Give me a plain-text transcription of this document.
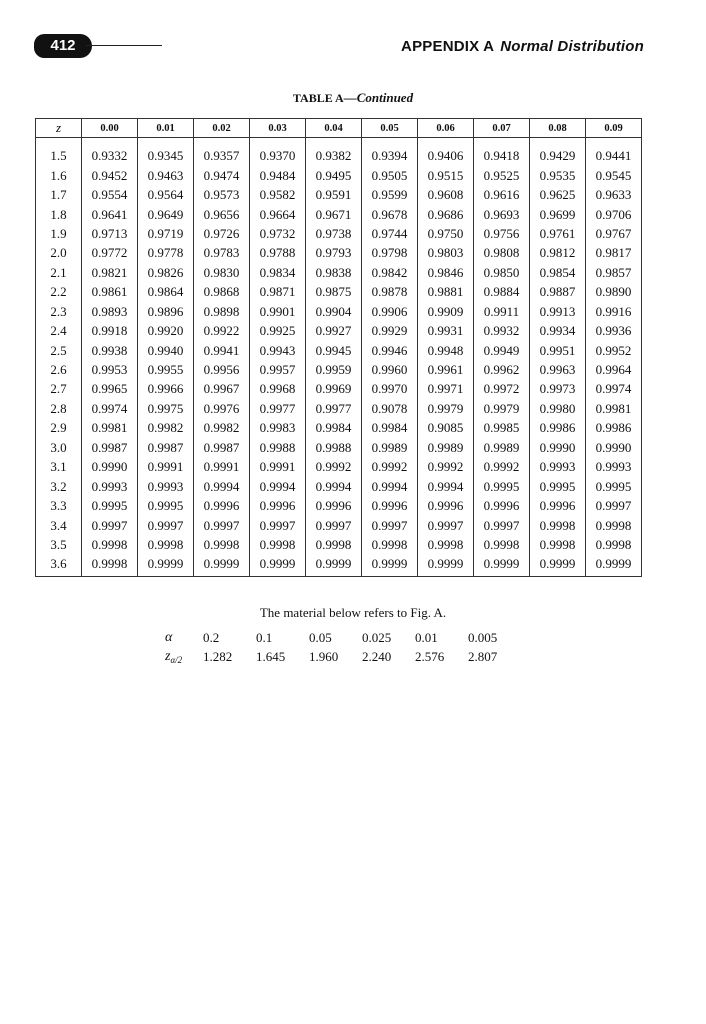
412	APPENDIX A Normal Distribution
TABLE A—Continued
z	0.00	0.01	0.02	0.03	0.04	0.05	0.06	0.07	0.08	0.09
1.5	0.9332	0.9345	0.9357	0.9370	0.9382	0.9394	0.9406	0.9418	0.9429	0.9441
1.6	0.9452	0.9463	0.9474	0.9484	0.9495	0.9505	0.9515	0.9525	0.9535	0.9545
1.7	0.9554	0.9564	0.9573	0.9582	0.9591	0.9599	0.9608	0.9616	0.9625	0.9633
1.8	0.9641	0.9649	0.9656	0.9664	0.9671	0.9678	0.9686	0.9693	0.9699	0.9706
1.9	0.9713	0.9719	0.9726	0.9732	0.9738	0.9744	0.9750	0.9756	0.9761	0.9767
2.0	0.9772	0.9778	0.9783	0.9788	0.9793	0.9798	0.9803	0.9808	0.9812	0.9817
2.1	0.9821	0.9826	0.9830	0.9834	0.9838	0.9842	0.9846	0.9850	0.9854	0.9857
2.2	0.9861	0.9864	0.9868	0.9871	0.9875	0.9878	0.9881	0.9884	0.9887	0.9890
2.3	0.9893	0.9896	0.9898	0.9901	0.9904	0.9906	0.9909	0.9911	0.9913	0.9916
2.4	0.9918	0.9920	0.9922	0.9925	0.9927	0.9929	0.9931	0.9932	0.9934	0.9936
2.5	0.9938	0.9940	0.9941	0.9943	0.9945	0.9946	0.9948	0.9949	0.9951	0.9952
2.6	0.9953	0.9955	0.9956	0.9957	0.9959	0.9960	0.9961	0.9962	0.9963	0.9964
2.7	0.9965	0.9966	0.9967	0.9968	0.9969	0.9970	0.9971	0.9972	0.9973	0.9974
2.8	0.9974	0.9975	0.9976	0.9977	0.9977	0.9078	0.9979	0.9979	0.9980	0.9981
2.9	0.9981	0.9982	0.9982	0.9983	0.9984	0.9984	0.9085	0.9985	0.9986	0.9986
3.0	0.9987	0.9987	0.9987	0.9988	0.9988	0.9989	0.9989	0.9989	0.9990	0.9990
3.1	0.9990	0.9991	0.9991	0.9991	0.9992	0.9992	0.9992	0.9992	0.9993	0.9993
3.2	0.9993	0.9993	0.9994	0.9994	0.9994	0.9994	0.9994	0.9995	0.9995	0.9995
3.3	0.9995	0.9995	0.9996	0.9996	0.9996	0.9996	0.9996	0.9996	0.9996	0.9997
3.4	0.9997	0.9997	0.9997	0.9997	0.9997	0.9997	0.9997	0.9997	0.9998	0.9998
3.5	0.9998	0.9998	0.9998	0.9998	0.9998	0.9998	0.9998	0.9998	0.9998	0.9998
3.6	0.9998	0.9999	0.9999	0.9999	0.9999	0.9999	0.9999	0.9999	0.9999	0.9999
The material below refers to Fig. A.
α	0.2	0.1	0.05	0.025	0.01	0.005
$z_{\alpha/2}$	1.282	1.645	1.960	2.240	2.576	2.807
